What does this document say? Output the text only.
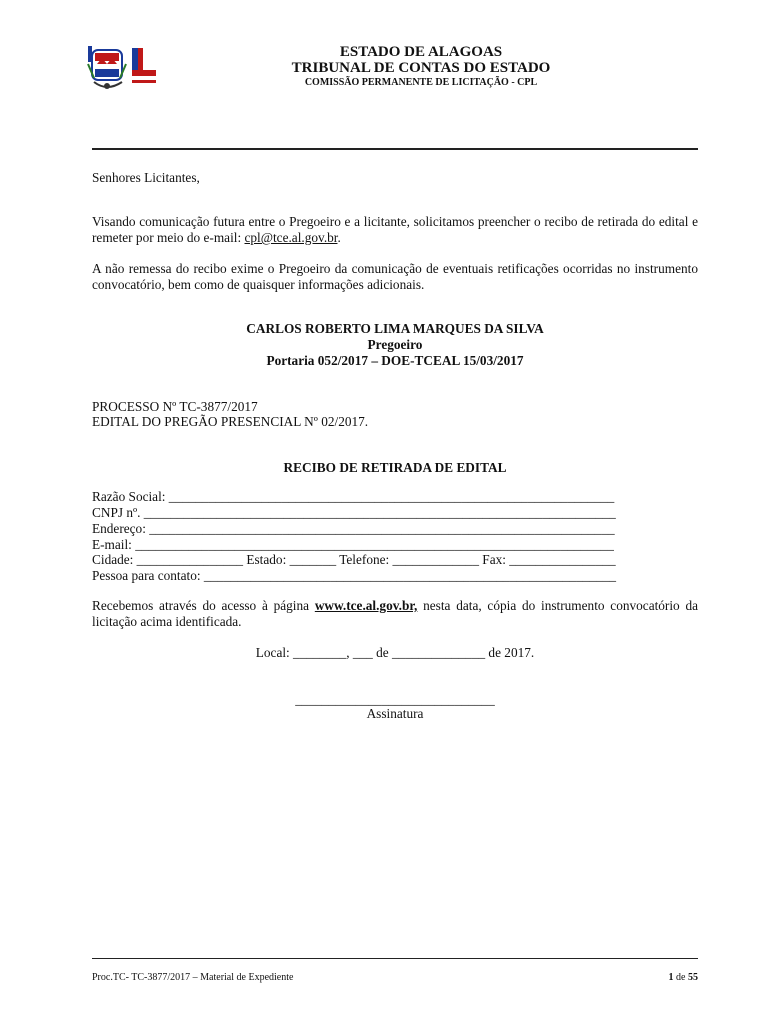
ESTADO DE ALAGOAS
TRIBUNAL DE CONTAS DO ESTADO
COMISSÃO PERMANENTE DE LICITAÇÃO - CPL
Senhores Licitantes,
Visando comunicação futura entre o Pregoeiro e a licitante, solicitamos preencher o recibo de retirada do edital e remeter por meio do e-mail: cpl@tce.al.gov.br.
A não remessa do recibo exime o Pregoeiro da comunicação de eventuais retificações ocorridas no instrumento convocatório, bem como de quaisquer informações adicionais.
CARLOS ROBERTO LIMA MARQUES DA SILVA
Pregoeiro
Portaria 052/2017 – DOE-TCEAL 15/03/2017
PROCESSO Nº TC-3877/2017
EDITAL DO PREGÃO PRESENCIAL Nº 02/2017.
RECIBO DE RETIRADA DE EDITAL
Razão Social: ___________________________________________________________________
CNPJ nº. _______________________________________________________________________
Endereço: ______________________________________________________________________
E-mail: ________________________________________________________________________
Cidade: ________________ Estado: _______ Telefone: _____________ Fax: ________________
Pessoa para contato: ______________________________________________________________
Recebemos através do acesso à página www.tce.al.gov.br, nesta data, cópia do instrumento convocatório da licitação acima identificada.
Local: ________, ___ de ______________ de 2017.
______________________________
Assinatura
Proc.TC- TC-3877/2017 – Material de Expediente	1 de 55
